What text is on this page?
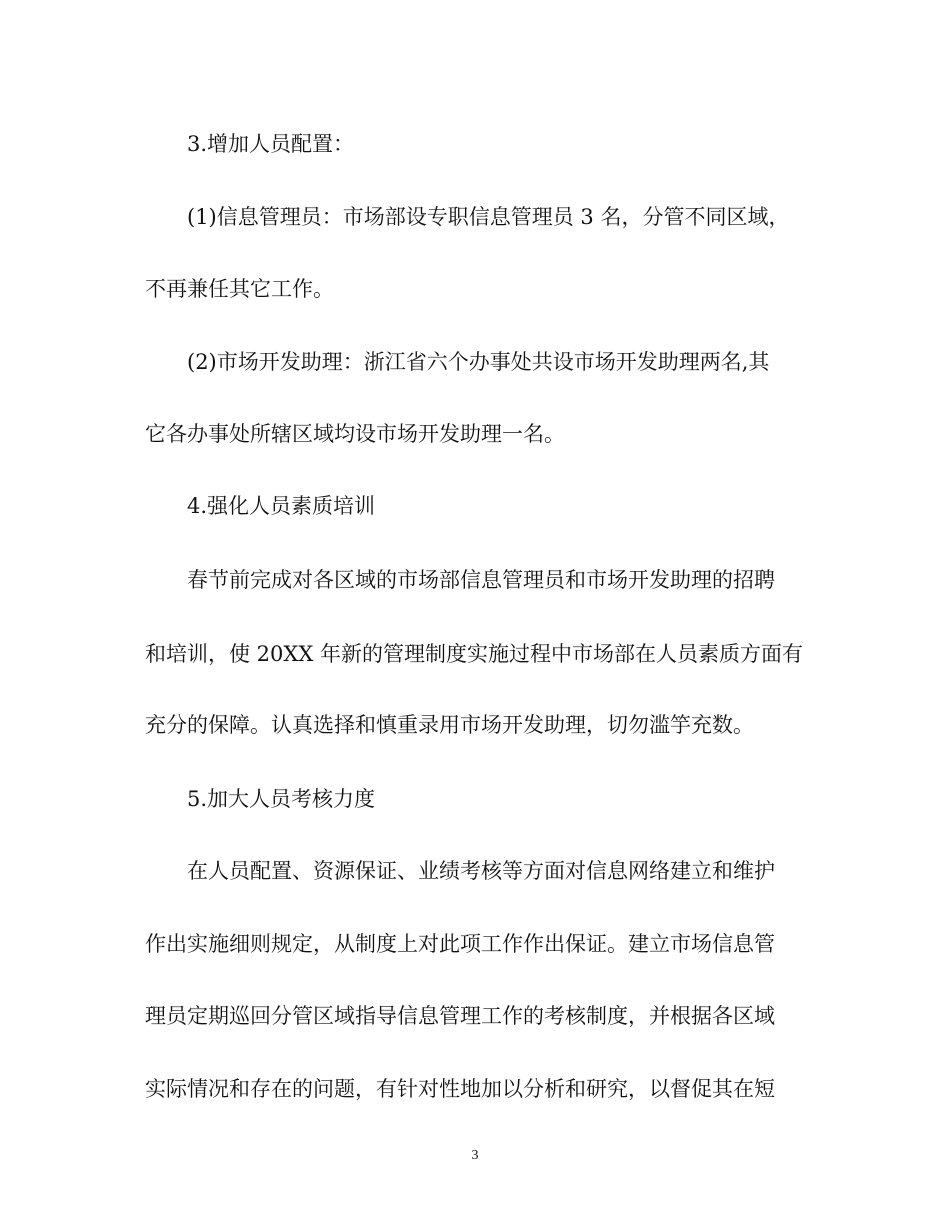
3.增加人员配置：
(1)信息管理员：市场部设专职信息管理员 3 名，分管不同区域，
不再兼任其它工作。
(2)市场开发助理：浙江省六个办事处共设市场开发助理两名,其
它各办事处所辖区域均设市场开发助理一名。
4.强化人员素质培训
春节前完成对各区域的市场部信息管理员和市场开发助理的招聘
和培训，使 20XX 年新的管理制度实施过程中市场部在人员素质方面有
充分的保障。认真选择和慎重录用市场开发助理，切勿滥竽充数。
5.加大人员考核力度
在人员配置、资源保证、业绩考核等方面对信息网络建立和维护
作出实施细则规定，从制度上对此项工作作出保证。建立市场信息管
理员定期巡回分管区域指导信息管理工作的考核制度，并根据各区域
实际情况和存在的问题，有针对性地加以分析和研究，以督促其在短
3
